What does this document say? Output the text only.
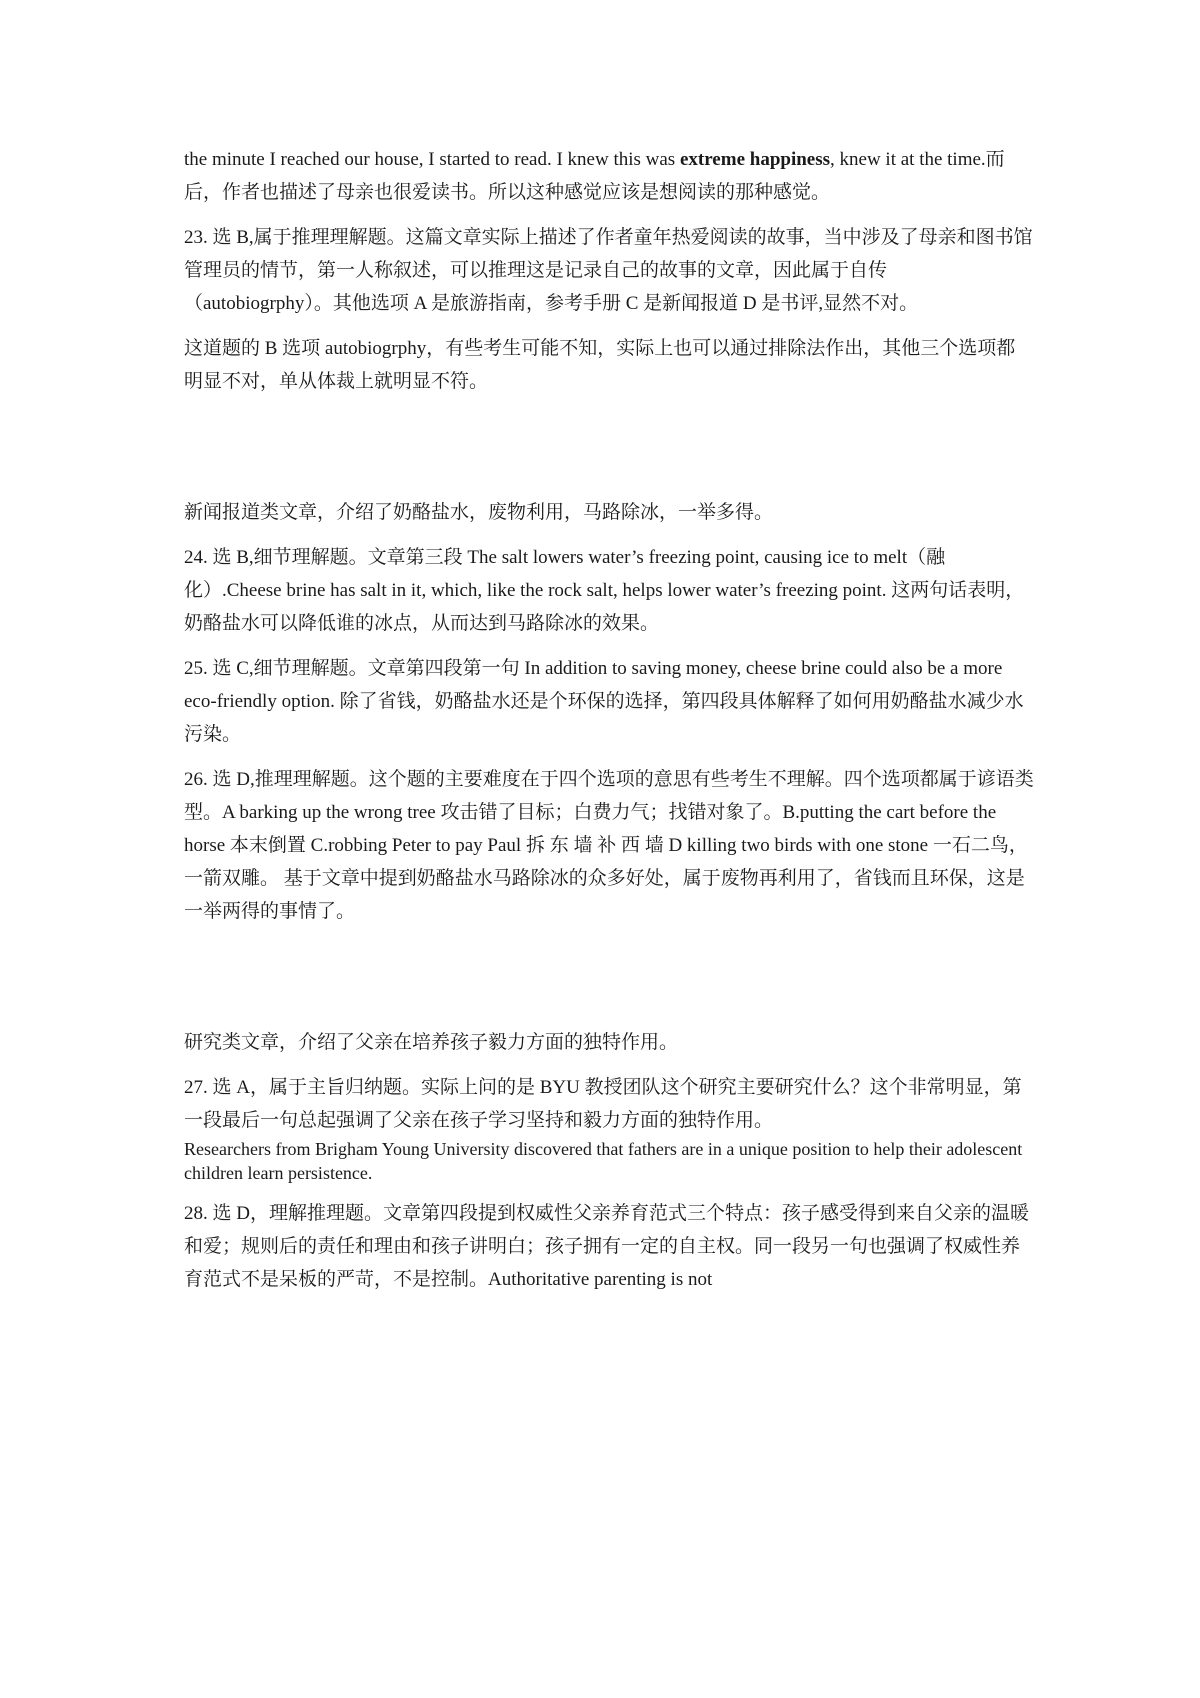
the minute I reached our house, I started to read. I knew this was extreme happiness, knew it at the time.而后，作者也描述了母亲也很爱读书。所以这种感觉应该是想阅读的那种感觉。

23. 选 B,属于推理理解题。这篇文章实际上描述了作者童年热爱阅读的故事，当中涉及了母亲和图书馆管理员的情节，第一人称叙述，可以推理这是记录自己的故事的文章，因此属于自传（autobiogrphy）。其他选项 A 是旅游指南，参考手册 C 是新闻报道 D 是书评,显然不对。

这道题的 B 选项 autobiogrphy，有些考生可能不知，实际上也可以通过排除法作出，其他三个选项都明显不对，单从体裁上就明显不符。

新闻报道类文章，介绍了奶酪盐水，废物利用，马路除冰，一举多得。

24. 选 B,细节理解题。文章第三段 The salt lowers water’s freezing point, causing ice to melt（融化）.Cheese brine has salt in it, which, like the rock salt, helps lower water’s freezing point. 这两句话表明，奶酪盐水可以降低谁的冰点，从而达到马路除冰的效果。

25. 选 C,细节理解题。文章第四段第一句 In addition to saving money, cheese brine could also be a more eco-friendly option. 除了省钱，奶酪盐水还是个环保的选择，第四段具体解释了如何用奶酪盐水减少水污染。

26. 选 D,推理理解题。这个题的主要难度在于四个选项的意思有些考生不理解。四个选项都属于谚语类型。A barking up the wrong tree 攻击错了目标；白费力气；找错对象了。B.putting the cart before the horse 本末倒置 C.robbing Peter to pay Paul 拆 东 墙 补 西 墙 D killing two birds with one stone 一石二鸟，一箭双雕。 基于文章中提到奶酪盐水马路除冰的众多好处，属于废物再利用了，省钱而且环保，这是一举两得的事情了。

研究类文章，介绍了父亲在培养孩子毅力方面的独特作用。

27. 选 A，属于主旨归纳题。实际上问的是 BYU 教授团队这个研究主要研究什么？这个非常明显，第一段最后一句总起强调了父亲在孩子学习坚持和毅力方面的独特作用。

Researchers from Brigham Young University discovered that fathers are in a unique position to help their adolescent children learn persistence.

28. 选 D，理解推理题。文章第四段提到权威性父亲养育范式三个特点：孩子感受得到来自父亲的温暖和爱；规则后的责任和理由和孩子讲明白；孩子拥有一定的自主权。同一段另一句也强调了权威性养育范式不是呆板的严苛，不是控制。Authoritative parenting is not
